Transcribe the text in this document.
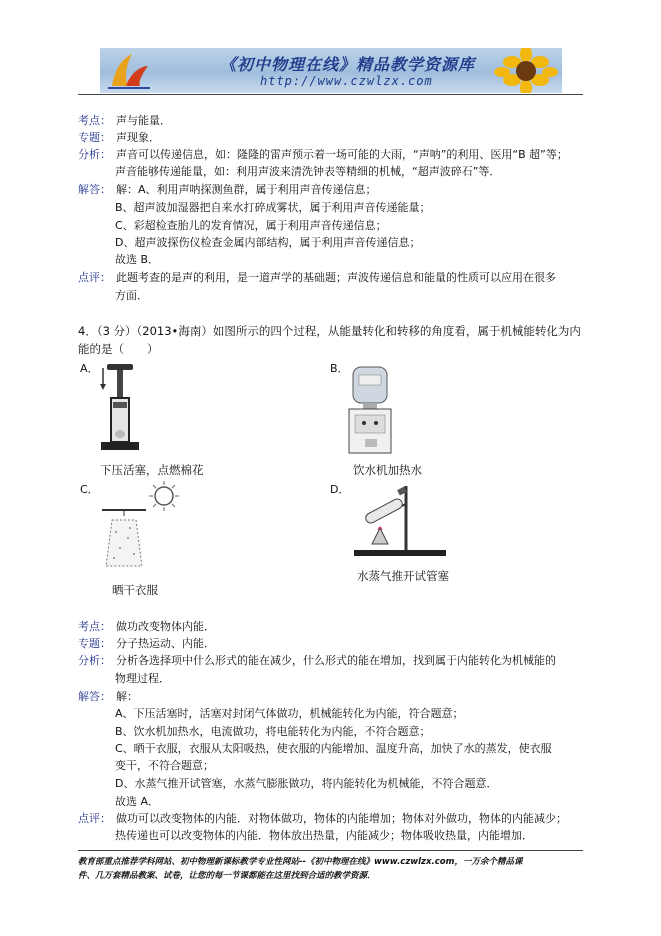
《初中物理在线》精品教学资源库
http://www.czwlzx.com
考点： 声与能量．
专题： 声现象．
分析： 声音可以传递信息，如：隆隆的雷声预示着一场可能的大雨，“声呐”的利用、医用“B 超”等；
声音能够传递能量，如：利用声波来清洗钟表等精细的机械，“超声波碎石”等．
解答： 解：A、利用声呐探测鱼群，属于利用声音传递信息；
B、超声波加湿器把自来水打碎成雾状，属于利用声音传递能量；
C、彩超检查胎儿的发育情况，属于利用声音传递信息；
D、超声波探伤仪检查金属内部结构，属于利用声音传递信息；
故选 B．
点评： 此题考查的是声的利用，是一道声学的基础题；声波传递信息和能量的性质可以应用在很多
方面．
4．（3 分）（2013•海南）如图所示的四个过程，从能量转化和转移的角度看，属于机械能转化为内
能的是（　　）
A．
下压活塞，点燃棉花
B．
饮水机加热水
C．
晒干衣服
D．
水蒸气推开试管塞
考点： 做功改变物体内能．
专题： 分子热运动、内能．
分析： 分析各选择项中什么形式的能在减少，什么形式的能在增加，找到属于内能转化为机械能的
物理过程．
解答： 解：
A、下压活塞时，活塞对封闭气体做功，机械能转化为内能，符合题意；
B、饮水机加热水，电流做功，将电能转化为内能，不符合题意；
C、晒干衣服，衣服从太阳吸热，使衣服的内能增加、温度升高，加快了水的蒸发，使衣服
变干，不符合题意；
D、水蒸气推开试管塞，水蒸气膨胀做功，将内能转化为机械能，不符合题意．
故选 A．
点评： 做功可以改变物体的内能．对物体做功，物体的内能增加；物体对外做功，物体的内能减少；
热传递也可以改变物体的内能．物体放出热量，内能减少；物体吸收热量，内能增加．
教育部重点推荐学科网站、初中物理新课标教学专业性网站--《初中物理在线》www.czwlzx.com，一万余个精品课
件、几万套精品教案、试卷，让您的每一节课都能在这里找到合适的教学资源．
